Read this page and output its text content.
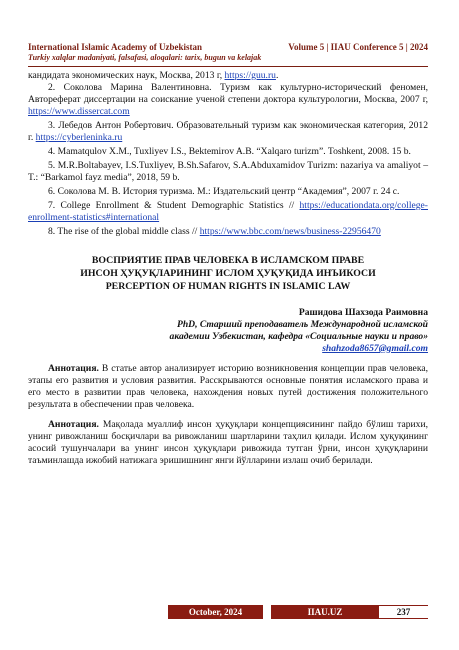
International Islamic Academy of Uzbekistan	Volume 5 | IIAU Conference 5 | 2024
Turkiy xalqlar madaniyati, falsafasi, aloqalari: tarix, bugun va kelajak

кандидата экономических наук, Москва, 2013 г, https://guu.ru.

2. Соколова Марина Валентиновна. Туризм как культурно-исторический феномен, Автореферат диссертации на соискание ученой степени доктора культурологии, Москва, 2007 г, https://www.dissercat.com

3. Лебедов Антон Робертович. Образовательный туризм как экономическая категория, 2012 г. https://cyberleninka.ru

4. Mamatqulov X.M., Tuxliyev I.S., Bektemirov A.B. “Xalqaro turizm”. Toshkent, 2008. 15 b.

5. M.R.Boltabayev, I.S.Tuxliyev, B.Sh.Safarov, S.A.Abduxamidov Turizm: nazariya va amaliyot – T.: “Barkamol fayz media”, 2018, 59 b.

6. Соколова М. В. История туризма. М.: Издательский центр “Академия”, 2007 г. 24 с.

7. College Enrollment & Student Demographic Statistics // https://educationdata.org/college-enrollment-statistics#international

8. The rise of the global middle class // https://www.bbc.com/news/business-22956470

ВОСПРИЯТИЕ ПРАВ ЧЕЛОВЕКА В ИСЛАМСКОМ ПРАВЕ
ИНСОН ҲУҚУҚЛАРИНИНГ ИСЛОМ ҲУҚУҚИДА ИНЪИКОСИ
PERCEPTION OF HUMAN RIGHTS IN ISLAMIC LAW

Рашидова Шахзода Раимовна

PhD, Старший преподаватель Международной исламской
академии Узбекистан, кафедра «Социальные науки и право»

shahzoda8657@gmail.com

Аннотация. В статье автор анализирует историю возникновения концепции прав человека, этапы его развития и условия развития. Расскрываются основные понятия исламского права и его место в развитии прав человека, нахождения новых путей достижения положительного результата в обеспечении прав человека.

Аннотация. Мақолада муаллиф инсон ҳуқуқлари концепциясининг пайдо бўлиш тарихи, унинг ривожланиш босқичлари ва ривожланиш шартларини таҳлил қилади. Ислом ҳуқуқининг асосий тушунчалари ва унинг инсон ҳуқуқлари ривожида тутган ўрни, инсон ҳуқуқларини таъминлашда ижобий натижага эришишнинг янги йўлларини излаш очиб берилади.

October, 2024	IIAU.UZ	237
